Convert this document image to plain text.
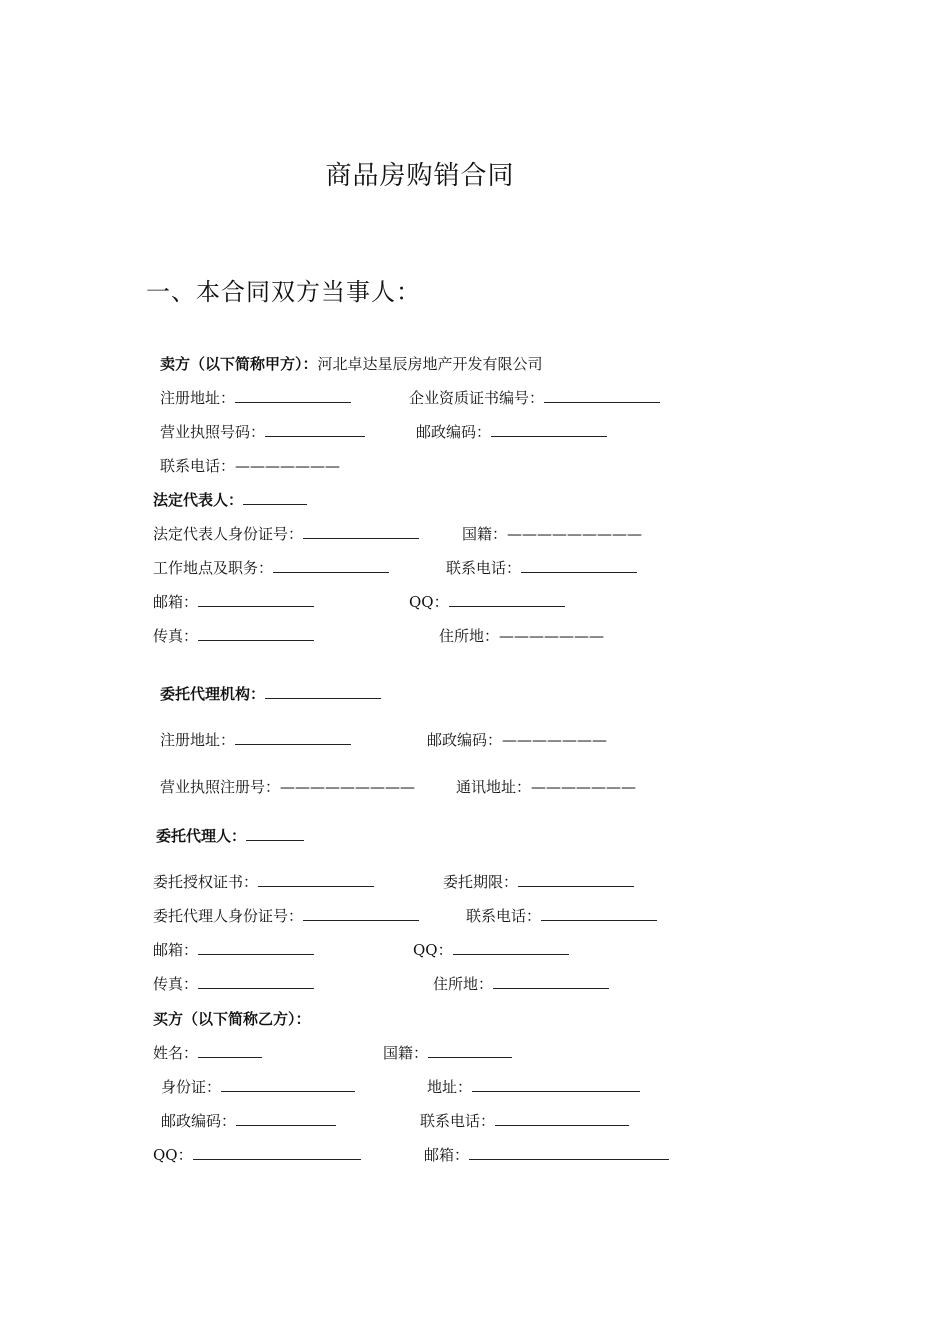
商品房购销合同
一、本合同双方当事人：
卖方（以下简称甲方）：河北卓达星辰房地产开发有限公司
注册地址：	企业资质证书编号：
营业执照号码：	邮政编码：
联系电话：———————
法定代表人：
法定代表人身份证号：	国籍：—————————
工作地点及职务：	联系电话：
邮箱：	QQ：
传真：	住所地：———————
委托代理机构：
注册地址：	邮政编码：———————
营业执照注册号：—————————	通讯地址：———————
委托代理人：
委托授权证书：	委托期限：
委托代理人身份证号：	联系电话：
邮箱：	QQ：
传真：	住所地：
买方（以下简称乙方）：
姓名：	国籍：
身份证：	地址：
邮政编码：	联系电话：
QQ：	邮箱：
